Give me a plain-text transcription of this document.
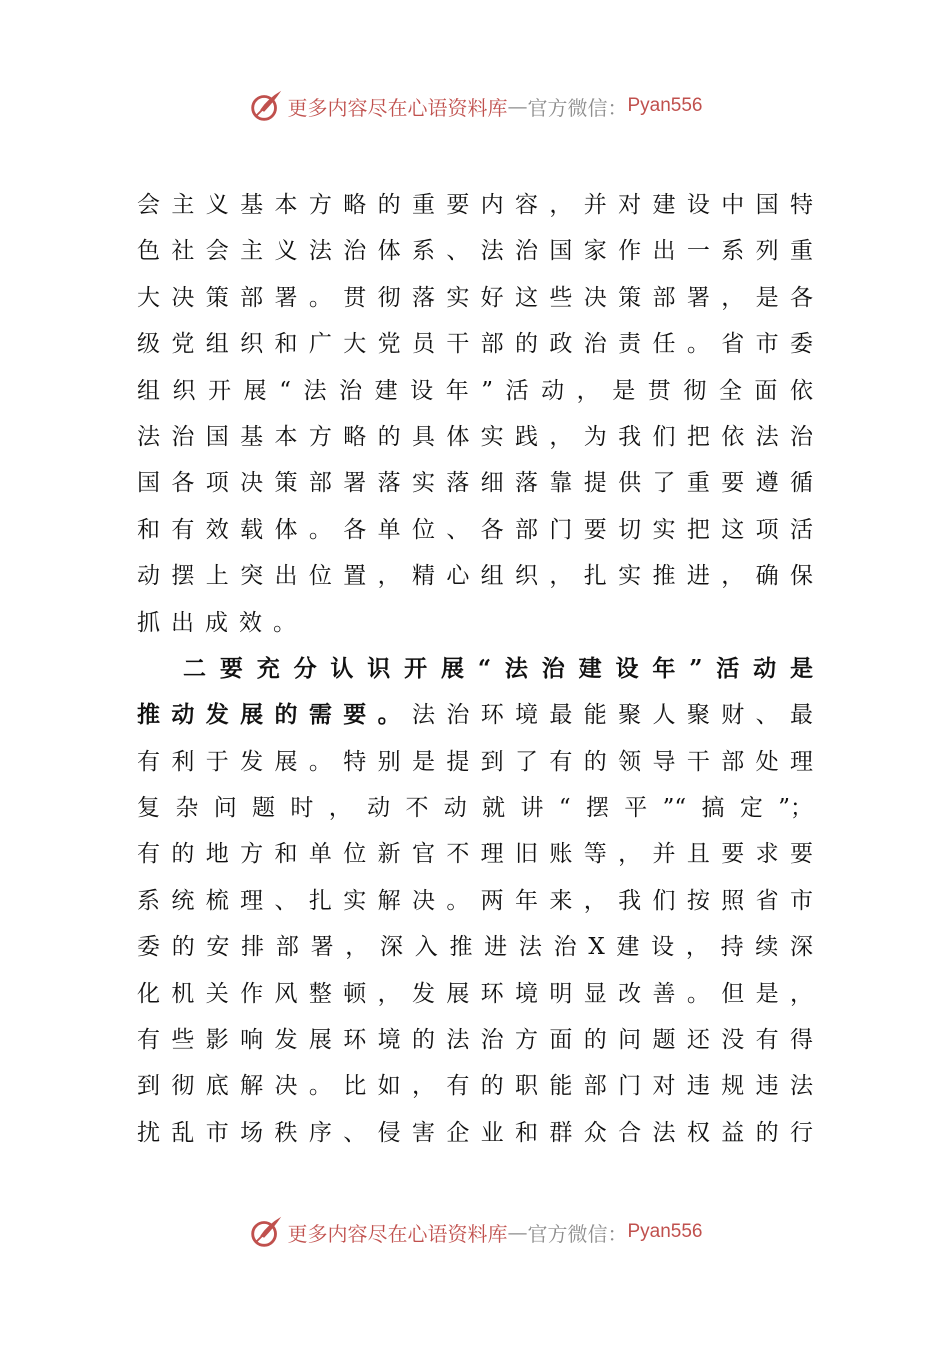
更多内容尽在心语资料库 — 官方微信： Pyan556
会主义基本方略的重要内容，并对建设中国特
色社会主义法治体系、法治国家作出一系列重
大决策部署。贯彻落实好这些决策部署，是各
级党组织和广大党员干部的政治责任。省市委
组织开展“法治建设年”活动，是贯彻全面依
法治国基本方略的具体实践，为我们把依法治
国各项决策部署落实落细落靠提供了重要遵循
和有效载体。各单位、各部门要切实把这项活
动摆上突出位置，精心组织，扎实推进，确保
抓出成效。
二要充分认识开展“法治建设年”活动是
推动发展的需要。法治环境最能聚人聚财、最
有利于发展。特别是提到了有的领导干部处理
复杂问题时，动不动就讲“摆平”“搞定”；
有的地方和单位新官不理旧账等，并且要求要
系统梳理、扎实解决。两年来，我们按照省市
委的安排部署，深入推进法治X建设，持续深
化机关作风整顿，发展环境明显改善。但是，
有些影响发展环境的法治方面的问题还没有得
到彻底解决。比如，有的职能部门对违规违法
扰乱市场秩序、侵害企业和群众合法权益的行
更多内容尽在心语资料库 — 官方微信： Pyan556
